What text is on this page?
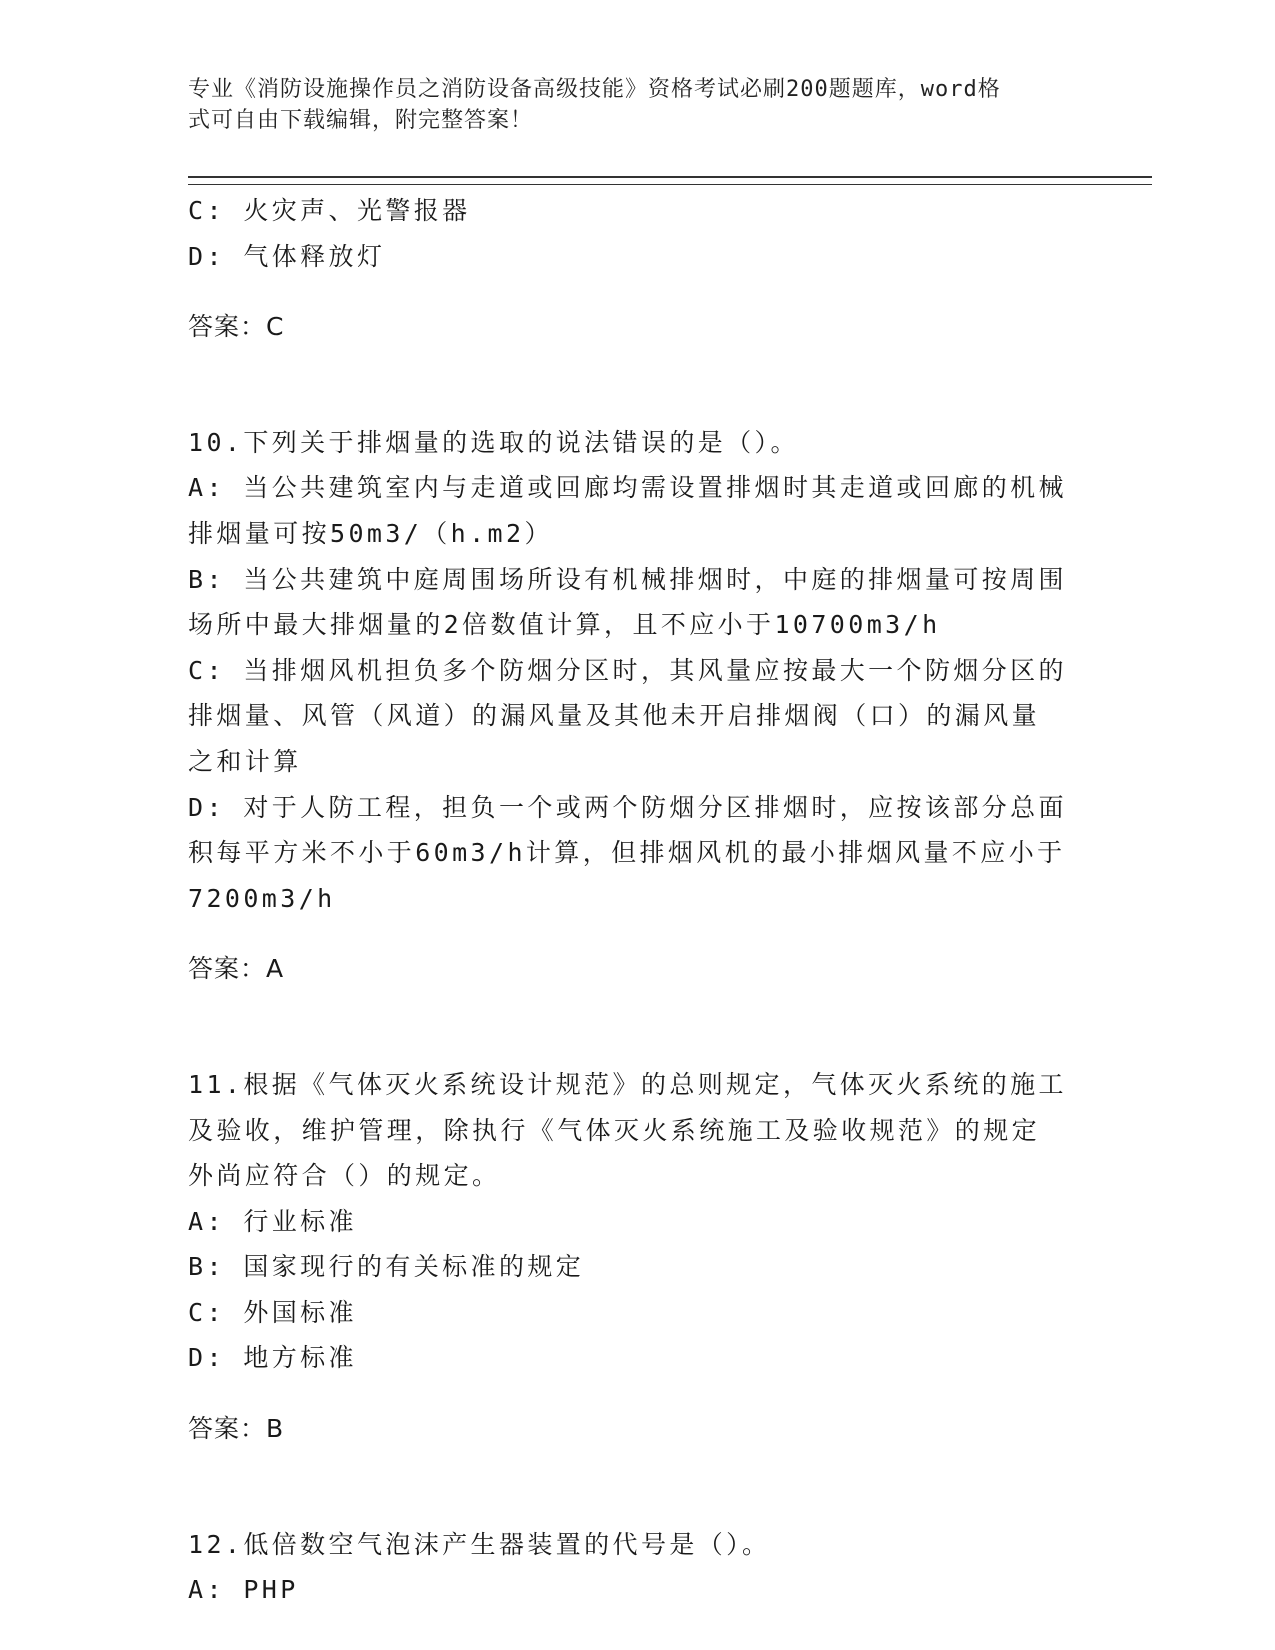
专业《消防设施操作员之消防设备高级技能》资格考试必刷200题题库，word格
式可自由下载编辑，附完整答案！

C: 火灾声、光警报器

D: 气体释放灯

答案：C

10.下列关于排烟量的选取的说法错误的是（）。

A: 当公共建筑室内与走道或回廊均需设置排烟时其走道或回廊的机械

排烟量可按50m3/（h.m2）

B: 当公共建筑中庭周围场所设有机械排烟时，中庭的排烟量可按周围

场所中最大排烟量的2倍数值计算，且不应小于10700m3/h

C: 当排烟风机担负多个防烟分区时，其风量应按最大一个防烟分区的

排烟量、风管（风道）的漏风量及其他未开启排烟阀（口）的漏风量

之和计算

D: 对于人防工程，担负一个或两个防烟分区排烟时，应按该部分总面

积每平方米不小于60m3/h计算，但排烟风机的最小排烟风量不应小于

7200m3/h

答案：A

11.根据《气体灭火系统设计规范》的总则规定，气体灭火系统的施工

及验收，维护管理，除执行《气体灭火系统施工及验收规范》的规定

外尚应符合（）的规定。

A: 行业标准

B: 国家现行的有关标准的规定

C: 外国标准

D: 地方标准

答案：B

12.低倍数空气泡沫产生器装置的代号是（）。

A: PHP
